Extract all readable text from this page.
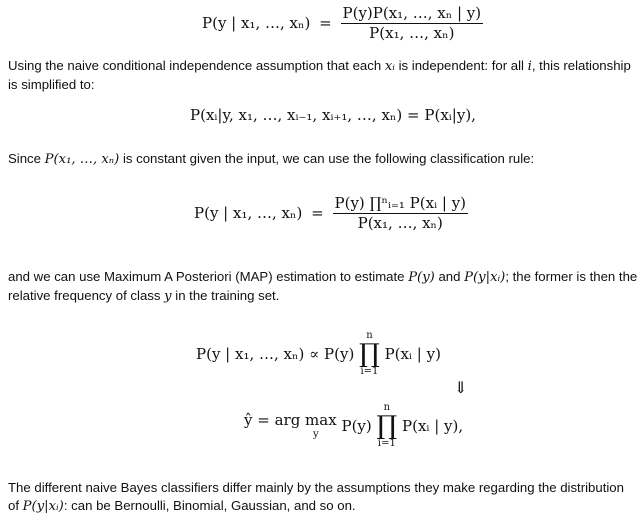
P(y | x₁, …, $x_n) = \frac{\text{P(y)P(x₁, …, xₙ | y)}}{\text{P(x₁, …, xₙ)}}$
Using the naive conditional independence assumption that each xᵢ is independent: for all i, this relationship is simplified to:
P(xᵢ|y, x₁, …, xᵢ₋₁, xᵢ₊₁, …, xₙ) = P(xᵢ|y),
Since P(x₁, …, xₙ) is constant given the input, we can use the following classification rule:
P(y | x₁, …, $x_n) = \frac{\text{P(y) ∏ⁿᵢ₌₁ P(xᵢ | y)}}{\text{P(x₁, …, xₙ)}}$
and we can use Maximum A Posteriori (MAP) estimation to estimate P(y) and P(y|xᵢ); the former is then the relative frequency of class y in the training set.
P(y | x₁, …, xₙ) ∝ P(y)
n
∏
i=1
P(xᵢ | y)
⇓
ŷ = arg max
y	P(y)
n
∏
i=1
P(xᵢ | y),
The different naive Bayes classifiers differ mainly by the assumptions they make regarding the distribution of P(y|xᵢ): can be Bernoulli, Binomial, Gaussian, and so on.
